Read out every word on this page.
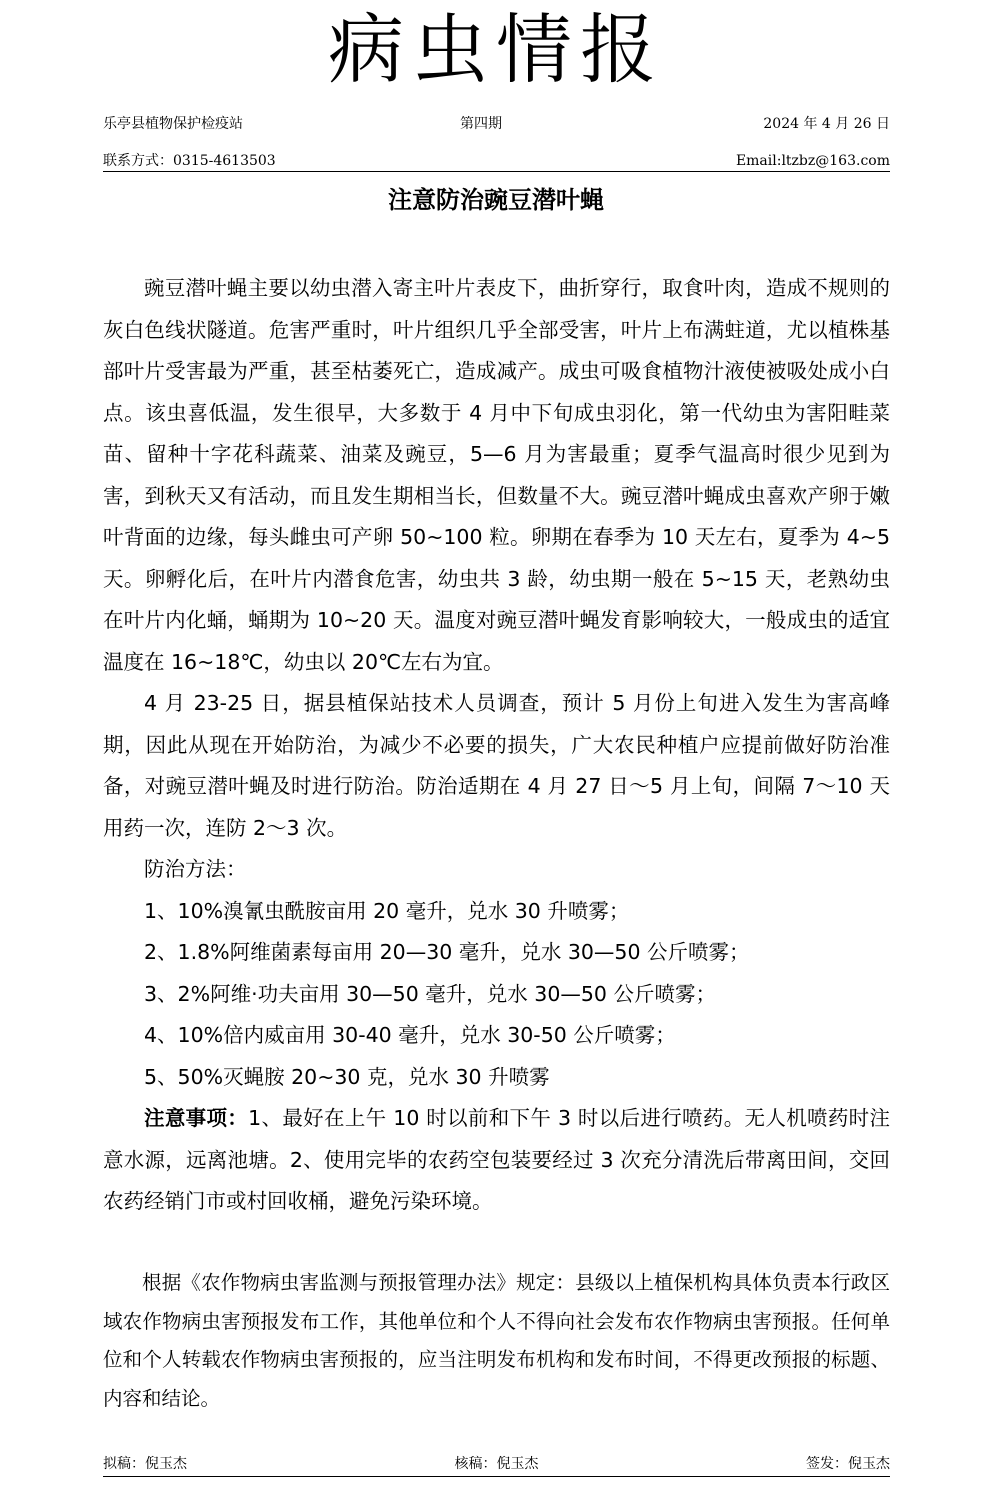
病虫情报
乐亭县植物保护检疫站	第四期	2024 年 4 月 26 日
联系方式：0315-4613503	Email:ltzbz@163.com
注意防治豌豆潜叶蝇

豌豆潜叶蝇主要以幼虫潜入寄主叶片表皮下，曲折穿行，取食叶肉，造成不规则的灰白色线状隧道。危害严重时，叶片组织几乎全部受害，叶片上布满蛀道，尤以植株基部叶片受害最为严重，甚至枯萎死亡，造成减产。成虫可吸食植物汁液使被吸处成小白点。该虫喜低温，发生很早，大多数于 4 月中下旬成虫羽化，第一代幼虫为害阳畦菜苗、留种十字花科蔬菜、油菜及豌豆，5—6 月为害最重；夏季气温高时很少见到为害，到秋天又有活动，而且发生期相当长，但数量不大。豌豆潜叶蝇成虫喜欢产卵于嫩叶背面的边缘，每头雌虫可产卵 50~100 粒。卵期在春季为 10 天左右，夏季为 4~5 天。卵孵化后，在叶片内潜食危害，幼虫共 3 龄，幼虫期一般在 5~15 天，老熟幼虫在叶片内化蛹，蛹期为 10~20 天。温度对豌豆潜叶蝇发育影响较大，一般成虫的适宜温度在 16~18℃，幼虫以 20℃左右为宜。

4 月 23-25 日，据县植保站技术人员调查，预计 5 月份上旬进入发生为害高峰期，因此从现在开始防治，为减少不必要的损失，广大农民种植户应提前做好防治准备，对豌豆潜叶蝇及时进行防治。防治适期在 4 月 27 日～5 月上旬，间隔 7～10 天用药一次，连防 2～3 次。

防治方法：

1、10%溴氰虫酰胺亩用 20 毫升，兑水 30 升喷雾；

2、1.8%阿维菌素每亩用 20—30 毫升，兑水 30—50 公斤喷雾；

3、2%阿维·功夫亩用 30—50 毫升，兑水 30—50 公斤喷雾；

4、10%倍内威亩用 30-40 毫升，兑水 30-50 公斤喷雾；

5、50%灭蝇胺 20~30 克，兑水 30 升喷雾

注意事项：1、最好在上午 10 时以前和下午 3 时以后进行喷药。无人机喷药时注意水源，远离池塘。2、使用完毕的农药空包装要经过 3 次充分清洗后带离田间，交回农药经销门市或村回收桶，避免污染环境。

根据《农作物病虫害监测与预报管理办法》规定：县级以上植保机构具体负责本行政区域农作物病虫害预报发布工作，其他单位和个人不得向社会发布农作物病虫害预报。任何单位和个人转载农作物病虫害预报的，应当注明发布机构和发布时间，不得更改预报的标题、内容和结论。

拟稿：倪玉杰	核稿：倪玉杰	签发：倪玉杰
